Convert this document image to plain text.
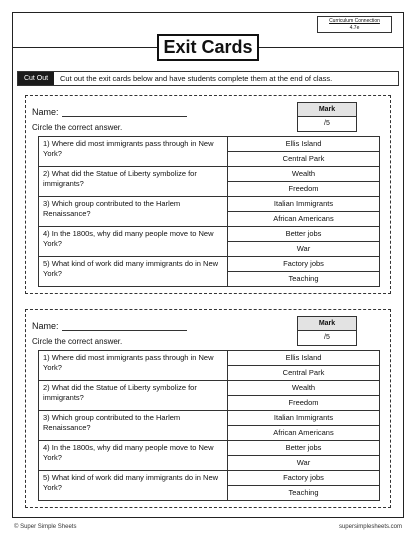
Curriculum Connection
4.7e
Exit Cards
Cut Out	Cut out the exit cards below and have students complete them at the end of class.
Name:
Circle the correct answer.
Mark
/5
1) Where did most immigrants pass through in New York?	Ellis Island
	Central Park
2) What did the Statue of Liberty symbolize for immigrants?	Wealth
	Freedom
3) Which group contributed to the Harlem Renaissance?	Italian Immigrants
	African Americans
4) In the 1800s, why did many people move to New York?	Better jobs
	War
5) What kind of work did many immigrants do in New York?	Factory jobs
	Teaching
Name:
Circle the correct answer.
Mark
/5
1) Where did most immigrants pass through in New York?	Ellis Island
	Central Park
2) What did the Statue of Liberty symbolize for immigrants?	Wealth
	Freedom
3) Which group contributed to the Harlem Renaissance?	Italian Immigrants
	African Americans
4) In the 1800s, why did many people move to New York?	Better jobs
	War
5) What kind of work did many immigrants do in New York?	Factory jobs
	Teaching
© Super Simple Sheets	supersimplesheets.com
